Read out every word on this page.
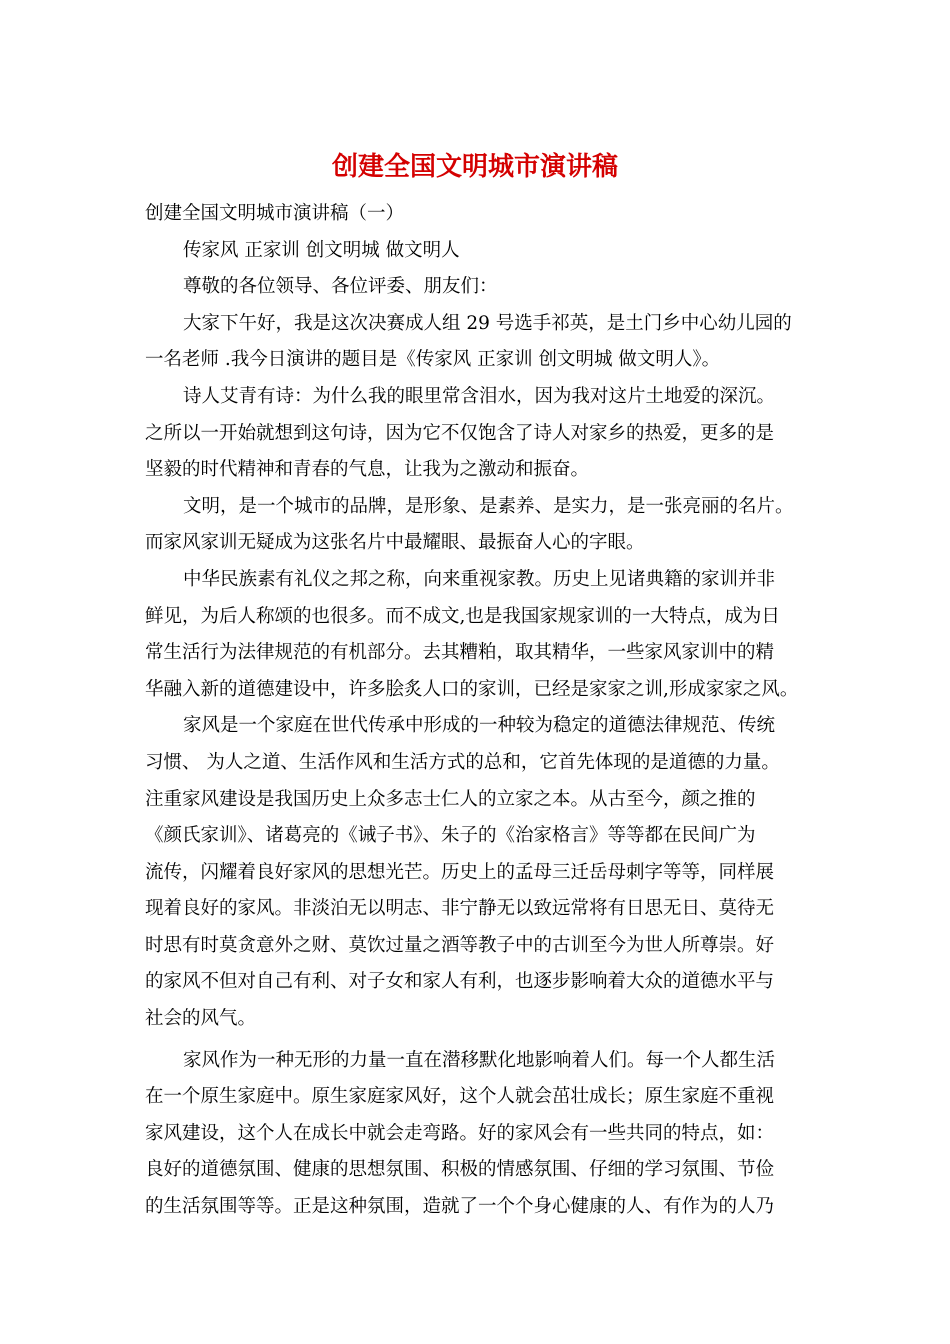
创建全国文明城市演讲稿
创建全国文明城市演讲稿（一）
传家风 正家训 创文明城 做文明人
尊敬的各位领导、各位评委、朋友们：
大家下午好，我是这次决赛成人组 29 号选手祁英，是土门乡中心幼儿园的
一名老师 .我今日演讲的题目是《传家风 正家训 创文明城 做文明人》。
诗人艾青有诗：为什么我的眼里常含泪水，因为我对这片土地爱的深沉。
之所以一开始就想到这句诗，因为它不仅饱含了诗人对家乡的热爱，更多的是
坚毅的时代精神和青春的气息，让我为之激动和振奋。
文明，是一个城市的品牌，是形象、是素养、是实力，是一张亮丽的名片。
而家风家训无疑成为这张名片中最耀眼、最振奋人心的字眼。
中华民族素有礼仪之邦之称，向来重视家教。历史上见诸典籍的家训并非
鲜见，为后人称颂的也很多。而不成文,也是我国家规家训的一大特点，成为日
常生活行为法律规范的有机部分。去其糟粕，取其精华，一些家风家训中的精
华融入新的道德建设中，许多脍炙人口的家训，已经是家家之训,形成家家之风。
家风是一个家庭在世代传承中形成的一种较为稳定的道德法律规范、传统
习惯、 为人之道、生活作风和生活方式的总和，它首先体现的是道德的力量。
注重家风建设是我国历史上众多志士仁人的立家之本。从古至今，颜之推的
《颜氏家训》、诸葛亮的《诫子书》、朱子的《治家格言》等等都在民间广为
流传，闪耀着良好家风的思想光芒。历史上的孟母三迁岳母刺字等等，同样展
现着良好的家风。非淡泊无以明志、非宁静无以致远常将有日思无日、莫待无
时思有时莫贪意外之财、莫饮过量之酒等教子中的古训至今为世人所尊崇。好
的家风不但对自己有利、对子女和家人有利，也逐步影响着大众的道德水平与
社会的风气。
家风作为一种无形的力量一直在潜移默化地影响着人们。每一个人都生活
在一个原生家庭中。原生家庭家风好，这个人就会茁壮成长；原生家庭不重视
家风建设，这个人在成长中就会走弯路。好的家风会有一些共同的特点，如：
良好的道德氛围、健康的思想氛围、积极的情感氛围、仔细的学习氛围、节俭
的生活氛围等等。正是这种氛围，造就了一个个身心健康的人、有作为的人乃
